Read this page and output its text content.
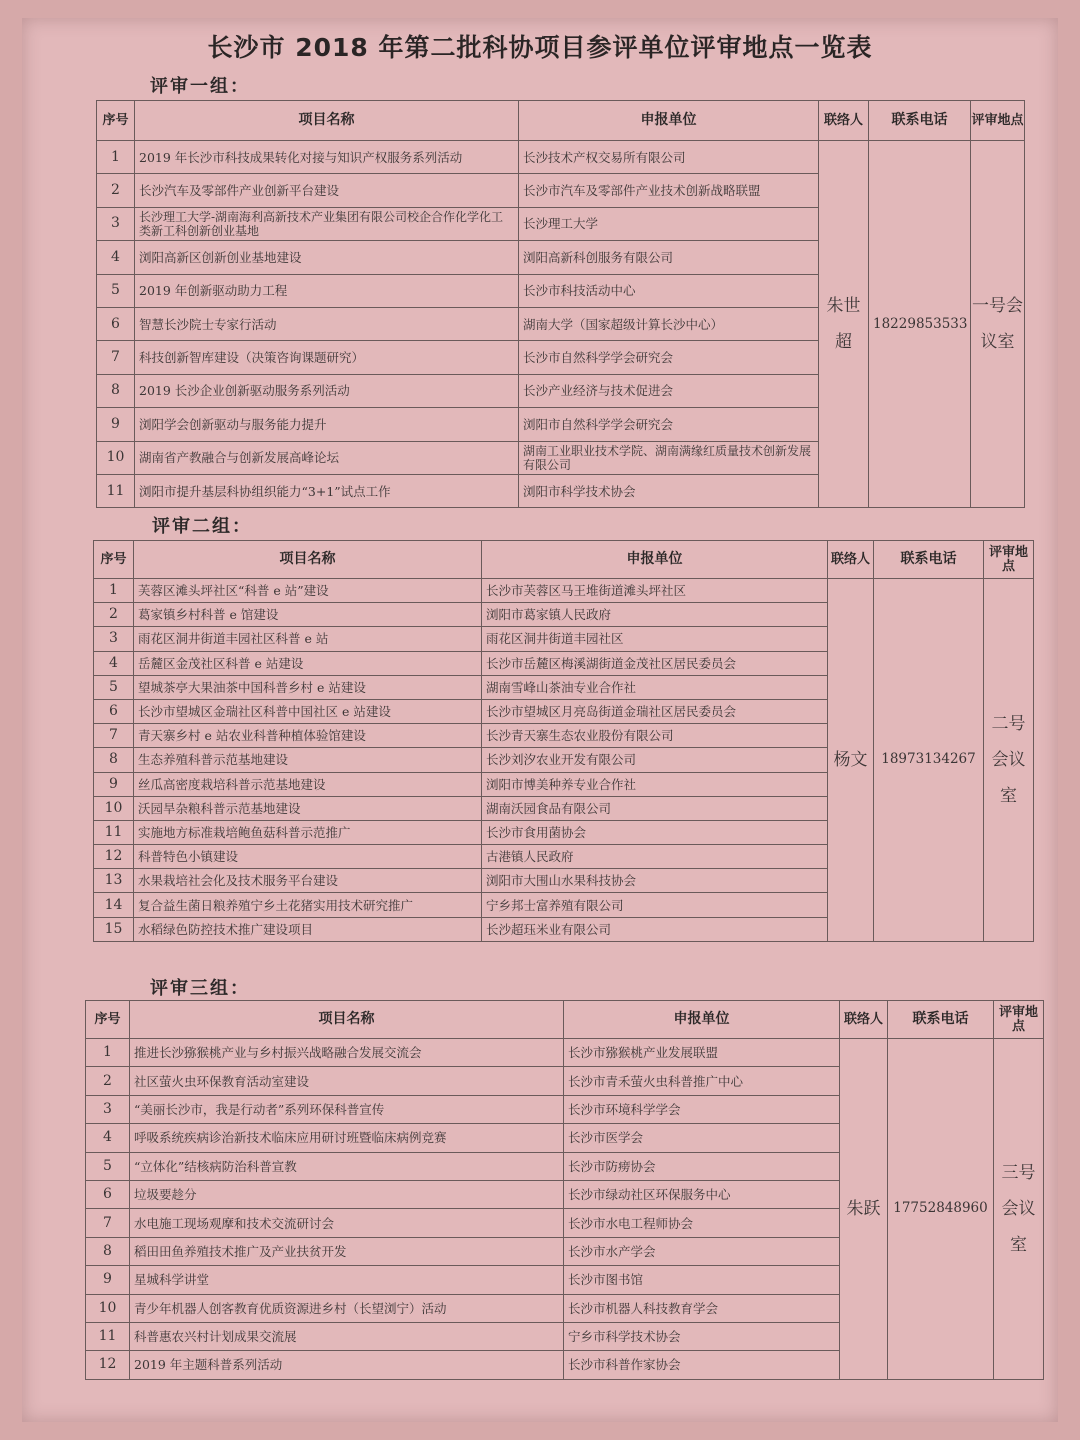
长沙市 2018 年第二批科协项目参评单位评审地点一览表
评审一组：
评审二组：
评审三组：
序号	项目名称	申报单位	联络人	联系电话	评审地点
1	2019 年长沙市科技成果转化对接与知识产权服务系列活动	长沙技术产权交易所有限公司	朱世超	18229853533	一号会议室
2	长沙汽车及零部件产业创新平台建设	长沙市汽车及零部件产业技术创新战略联盟			
3	长沙理工大学-湖南海利高新技术产业集团有限公司校企合作化学化工类新工科创新创业基地	长沙理工大学			
4	浏阳高新区创新创业基地建设	浏阳高新科创服务有限公司			
5	2019 年创新驱动助力工程	长沙市科技活动中心			
6	智慧长沙院士专家行活动	湖南大学（国家超级计算长沙中心）			
7	科技创新智库建设（决策咨询课题研究）	长沙市自然科学学会研究会			
8	2019 长沙企业创新驱动服务系列活动	长沙产业经济与技术促进会			
9	浏阳学会创新驱动与服务能力提升	浏阳市自然科学学会研究会			
10	湖南省产教融合与创新发展高峰论坛	湖南工业职业技术学院、湖南满缘红质量技术创新发展有限公司			
11	浏阳市提升基层科协组织能力“3+1”试点工作	浏阳市科学技术协会			
序号	项目名称	申报单位	联络人	联系电话	评审地点
1	芙蓉区滩头坪社区“科普 e 站”建设	长沙市芙蓉区马王堆街道滩头坪社区	杨文	18973134267	二号会议室
2	葛家镇乡村科普 e 馆建设	浏阳市葛家镇人民政府			
3	雨花区洞井街道丰园社区科普 e 站	雨花区洞井街道丰园社区			
4	岳麓区金茂社区科普 e 站建设	长沙市岳麓区梅溪湖街道金茂社区居民委员会			
5	望城茶亭大果油茶中国科普乡村 e 站建设	湖南雪峰山茶油专业合作社			
6	长沙市望城区金瑞社区科普中国社区 e 站建设	长沙市望城区月亮岛街道金瑞社区居民委员会			
7	青天寨乡村 e 站农业科普种植体验馆建设	长沙青天寨生态农业股份有限公司			
8	生态养殖科普示范基地建设	长沙刘汐农业开发有限公司			
9	丝瓜高密度栽培科普示范基地建设	浏阳市博美种养专业合作社			
10	沃园旱杂粮科普示范基地建设	湖南沃园食品有限公司			
11	实施地方标准栽培鲍鱼菇科普示范推广	长沙市食用菌协会			
12	科普特色小镇建设	古港镇人民政府			
13	水果栽培社会化及技术服务平台建设	浏阳市大围山水果科技协会			
14	复合益生菌日粮养殖宁乡土花猪实用技术研究推广	宁乡邦士富养殖有限公司			
15	水稻绿色防控技术推广建设项目	长沙超珏米业有限公司			
序号	项目名称	申报单位	联络人	联系电话	评审地点
1	推进长沙猕猴桃产业与乡村振兴战略融合发展交流会	长沙市猕猴桃产业发展联盟	朱跃	17752848960	三号会议室
2	社区萤火虫环保教育活动室建设	长沙市青禾萤火虫科普推广中心			
3	“美丽长沙市，我是行动者”系列环保科普宣传	长沙市环境科学学会			
4	呼吸系统疾病诊治新技术临床应用研讨班暨临床病例竞赛	长沙市医学会			
5	“立体化”结核病防治科普宣教	长沙市防痨协会			
6	垃圾要趁分	长沙市绿动社区环保服务中心			
7	水电施工现场观摩和技术交流研讨会	长沙市水电工程师协会			
8	稻田田鱼养殖技术推广及产业扶贫开发	长沙市水产学会			
9	星城科学讲堂	长沙市图书馆			
10	青少年机器人创客教育优质资源进乡村（长望浏宁）活动	长沙市机器人科技教育学会			
11	科普惠农兴村计划成果交流展	宁乡市科学技术协会			
12	2019 年主题科普系列活动	长沙市科普作家协会			
